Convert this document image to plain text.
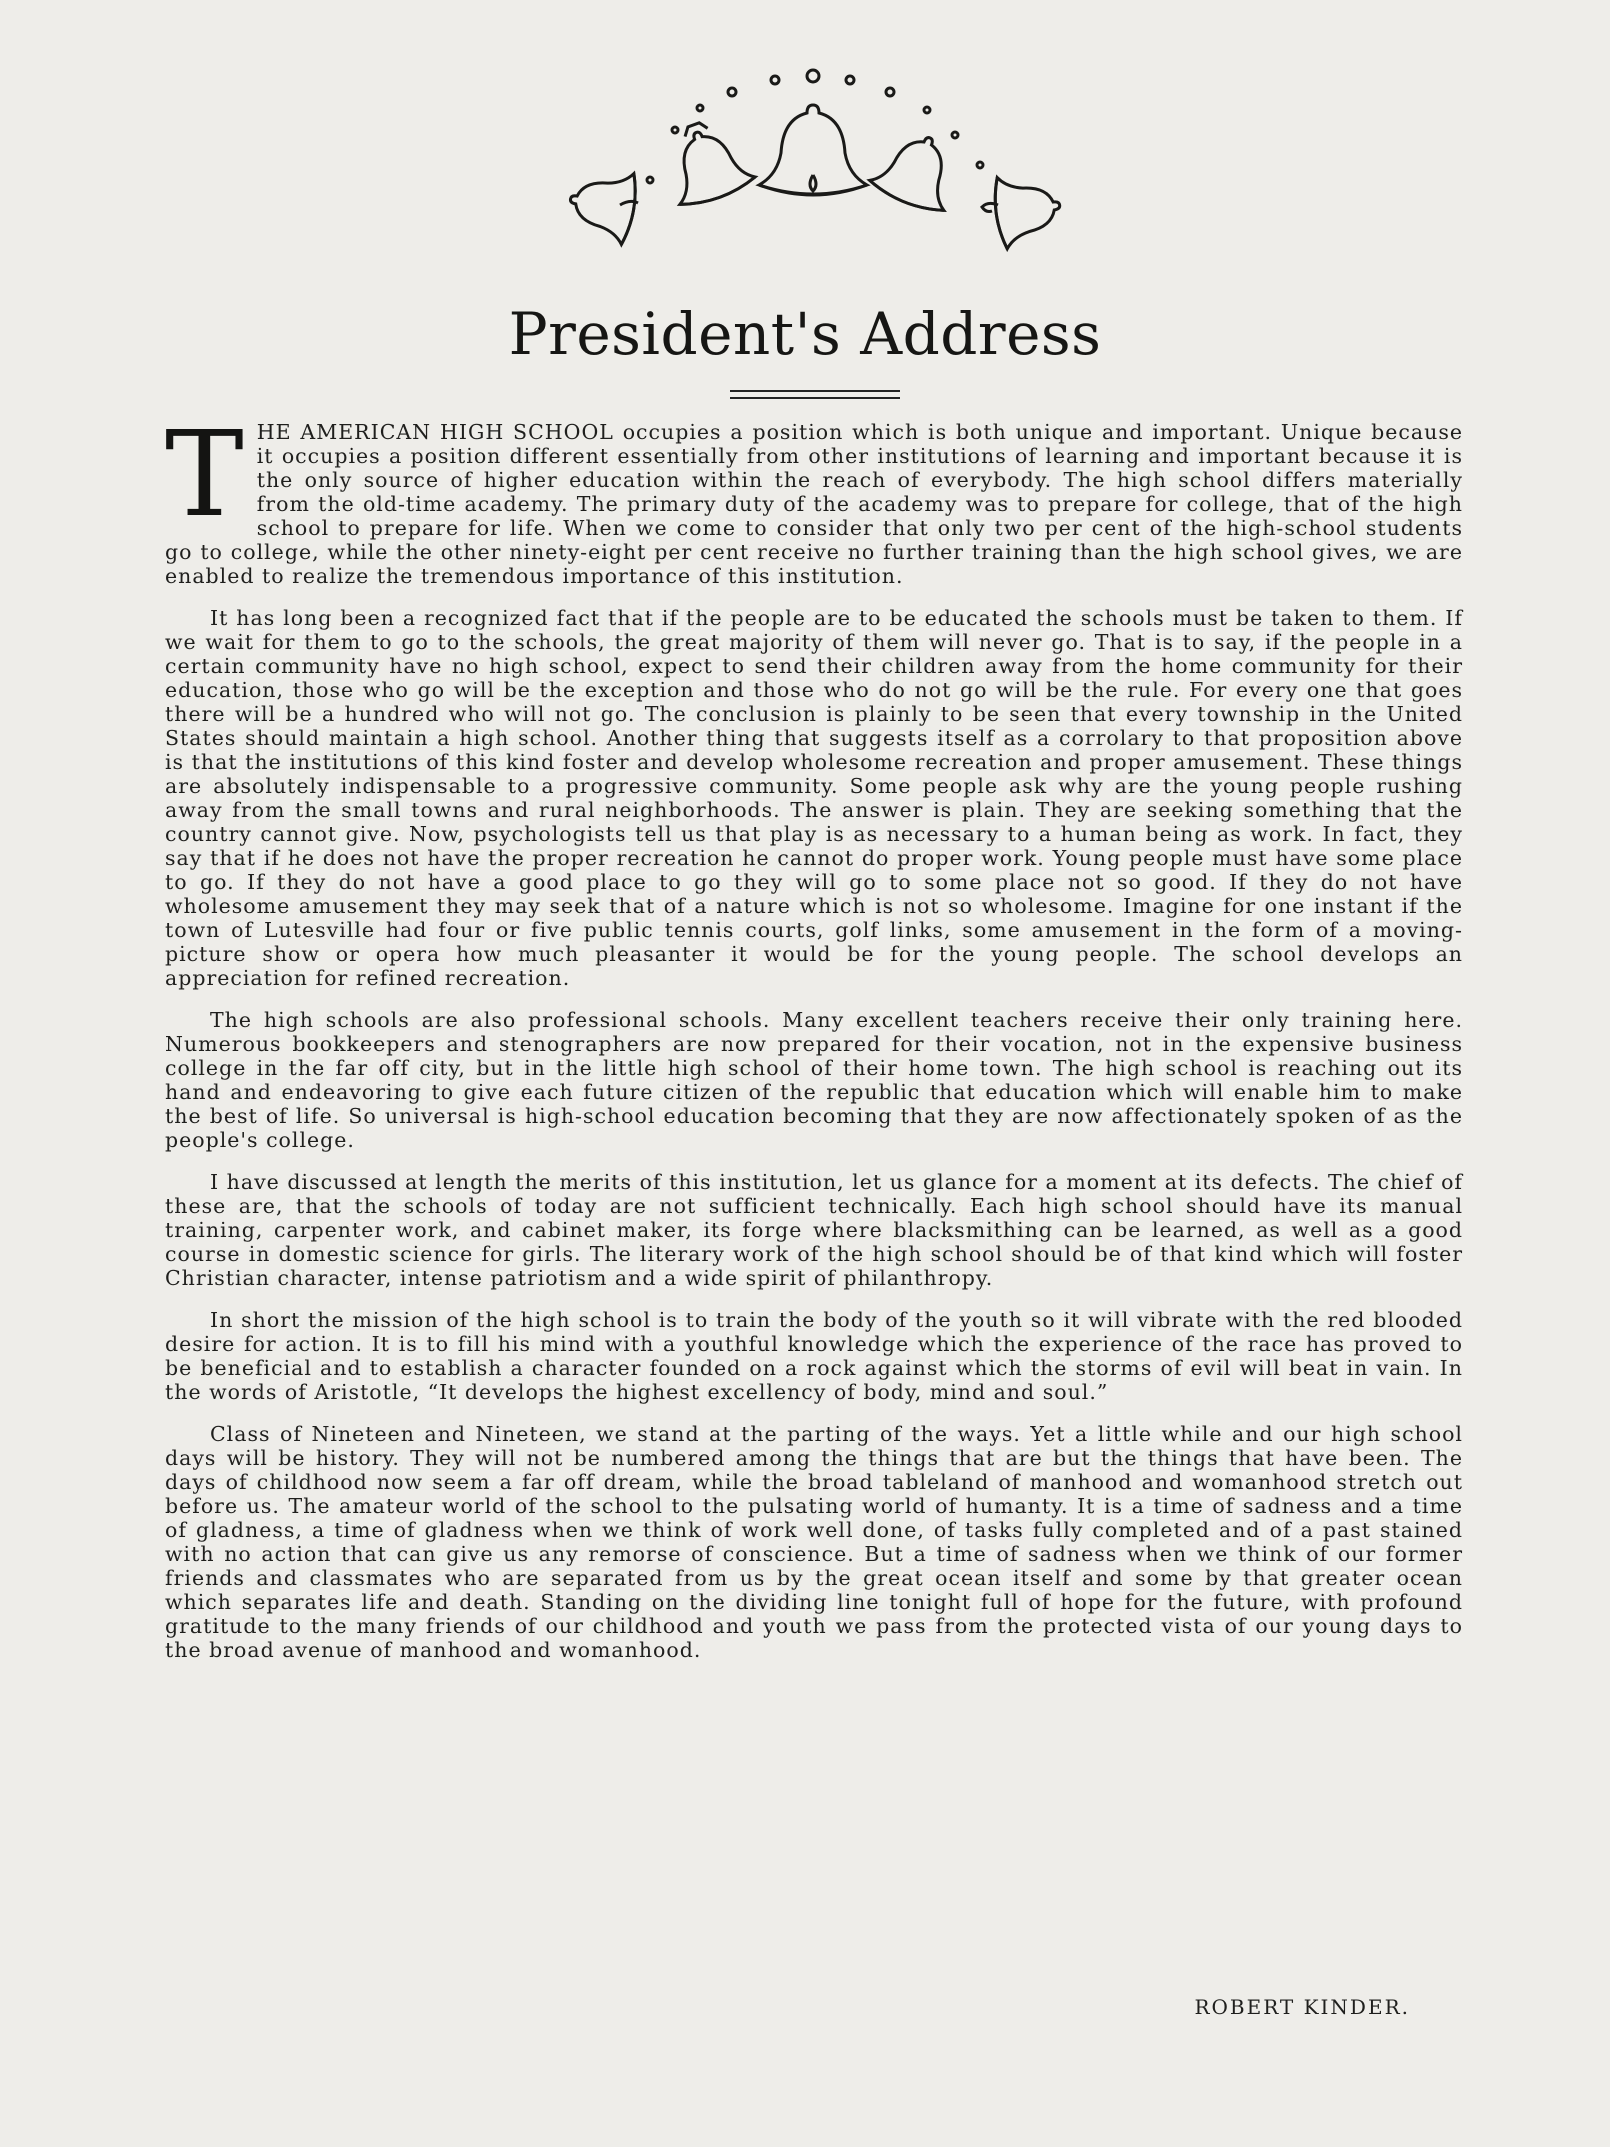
President's Address

THE AMERICAN HIGH SCHOOL occupies a position which is both unique and important. Unique because it occupies a position different essentially from other institutions of learning and important because it is the only source of higher education within the reach of everybody. The high school differs materially from the old-time academy. The primary duty of the academy was to prepare for college, that of the high school to prepare for life. When we come to consider that only two per cent of the high-school students go to college, while the other ninety-eight per cent receive no further training than the high school gives, we are enabled to realize the tremendous importance of this institution.

It has long been a recognized fact that if the people are to be educated the schools must be taken to them. If we wait for them to go to the schools, the great majority of them will never go. That is to say, if the people in a certain community have no high school, expect to send their children away from the home community for their education, those who go will be the exception and those who do not go will be the rule. For every one that goes there will be a hundred who will not go. The conclusion is plainly to be seen that every township in the United States should maintain a high school. Another thing that suggests itself as a corrolary to that proposition above is that the institutions of this kind foster and develop wholesome recreation and proper amusement. These things are absolutely indispensable to a progressive community. Some people ask why are the young people rushing away from the small towns and rural neighborhoods. The answer is plain. They are seeking something that the country cannot give. Now, psychologists tell us that play is as necessary to a human being as work. In fact, they say that if he does not have the proper recreation he cannot do proper work. Young people must have some place to go. If they do not have a good place to go they will go to some place not so good. If they do not have wholesome amusement they may seek that of a nature which is not so wholesome. Imagine for one instant if the town of Lutesville had four or five public tennis courts, golf links, some amusement in the form of a moving-picture show or opera how much pleasanter it would be for the young people. The school develops an appreciation for refined recreation.

The high schools are also professional schools. Many excellent teachers receive their only training here. Numerous bookkeepers and stenographers are now prepared for their vocation, not in the expensive business college in the far off city, but in the little high school of their home town. The high school is reaching out its hand and endeavoring to give each future citizen of the republic that education which will enable him to make the best of life. So universal is high-school education becoming that they are now affectionately spoken of as the people's college.

I have discussed at length the merits of this institution, let us glance for a moment at its defects. The chief of these are, that the schools of today are not sufficient technically. Each high school should have its manual training, carpenter work, and cabinet maker, its forge where blacksmithing can be learned, as well as a good course in domestic science for girls. The literary work of the high school should be of that kind which will foster Christian character, intense patriotism and a wide spirit of philanthropy.

In short the mission of the high school is to train the body of the youth so it will vibrate with the red blooded desire for action. It is to fill his mind with a youthful knowledge which the experience of the race has proved to be beneficial and to establish a character founded on a rock against which the storms of evil will beat in vain. In the words of Aristotle, “It develops the highest excellency of body, mind and soul.”

Class of Nineteen and Nineteen, we stand at the parting of the ways. Yet a little while and our high school days will be history. They will not be numbered among the things that are but the things that have been. The days of childhood now seem a far off dream, while the broad tableland of manhood and womanhood stretch out before us. The amateur world of the school to the pulsating world of humanty. It is a time of sadness and a time of gladness, a time of gladness when we think of work well done, of tasks fully completed and of a past stained with no action that can give us any remorse of conscience. But a time of sadness when we think of our former friends and classmates who are separated from us by the great ocean itself and some by that greater ocean which separates life and death. Standing on the dividing line tonight full of hope for the future, with profound gratitude to the many friends of our childhood and youth we pass from the protected vista of our young days to the broad avenue of manhood and womanhood.

ROBERT KINDER.
